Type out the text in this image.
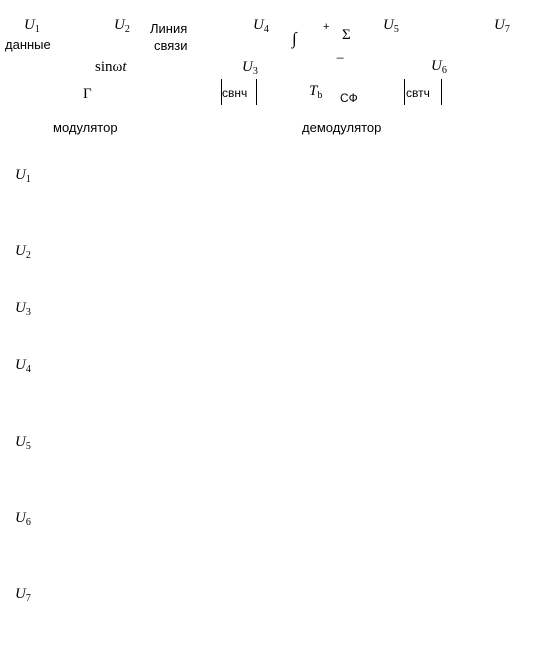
$U_1$
данные
$U_2$ Линия
связи
$U_4$ ∫
+ Σ
−
$U_5$	$U_7$
sinωt	$U_3$	$U_6$
Г	свнч	$T_b$ СФ	свтч
модулятор	демодулятор
$U_1$
$U_2$
$U_3$
$U_4$
$U_5$
$U_6$
$U_7$
